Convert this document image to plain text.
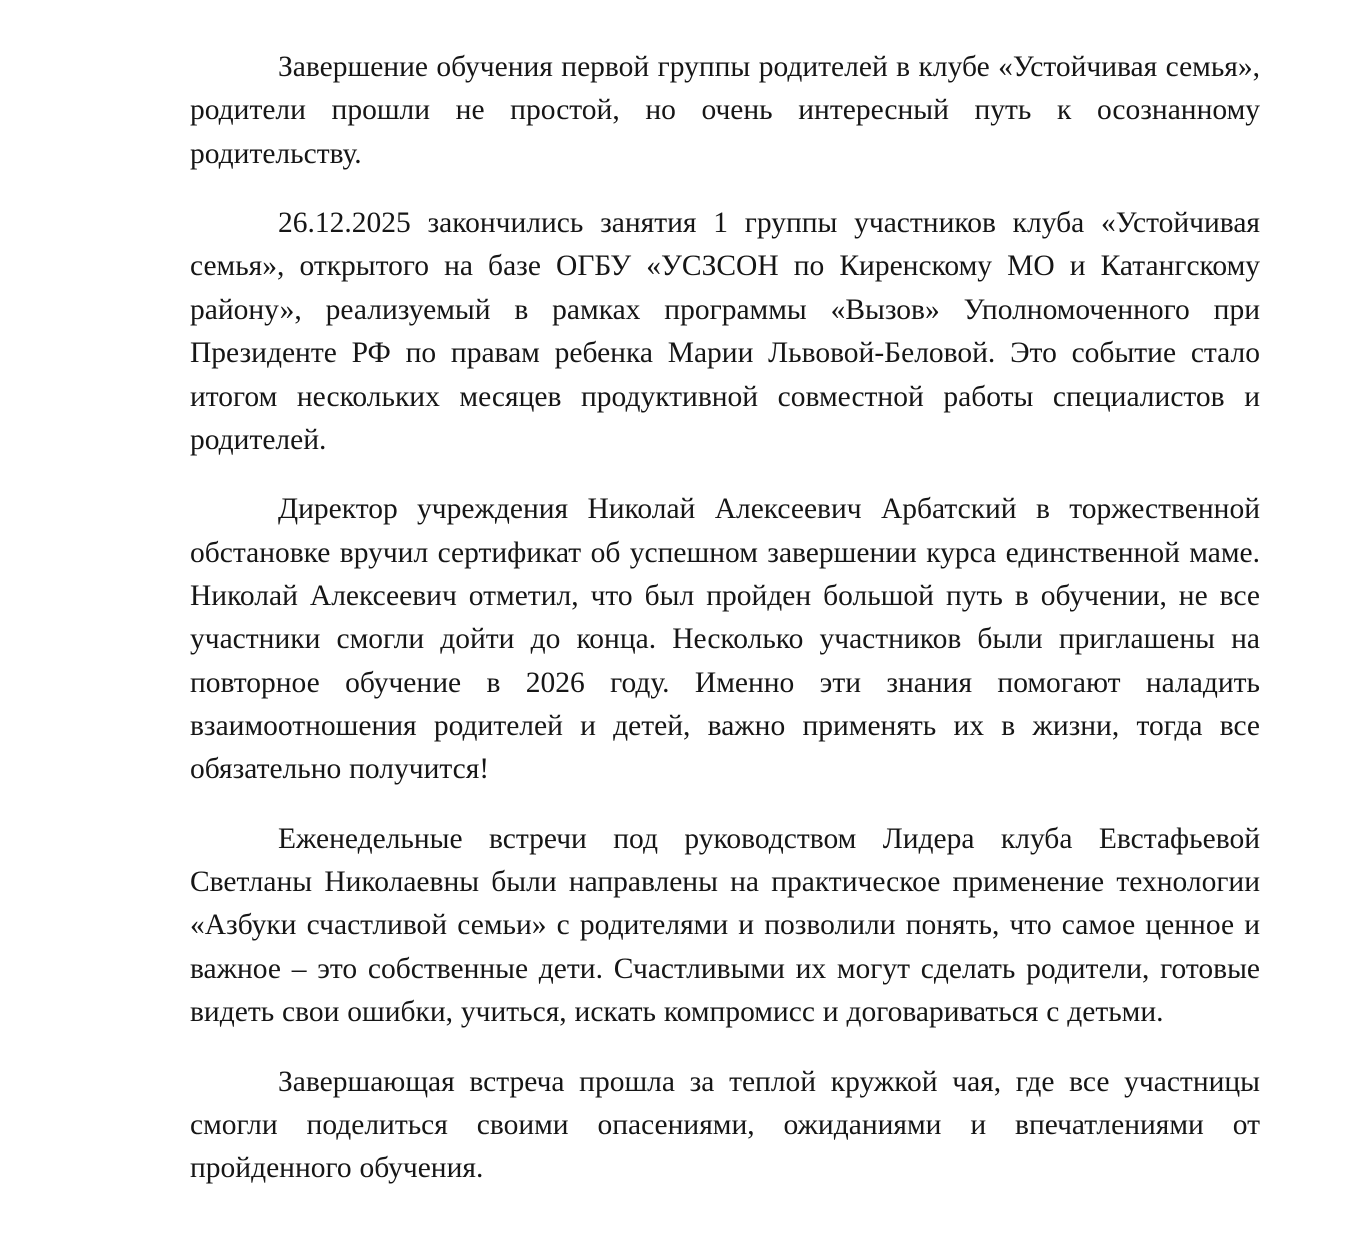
Завершение обучения первой группы родителей в клубе «Устойчивая семья», родители прошли не простой, но очень интересный путь к осознанному родительству.

26.12.2025 закончились занятия 1 группы участников клуба «Устойчивая семья», открытого на базе ОГБУ «УСЗСОН по Киренскому МО и Катангскому району», реализуемый в рамках программы «Вызов» Уполномоченного при Президенте РФ по правам ребенка Марии Львовой-Беловой. Это событие стало итогом нескольких месяцев продуктивной совместной работы специалистов и родителей.

Директор учреждения Николай Алексеевич Арбатский в торжественной обстановке вручил сертификат об успешном завершении курса единственной маме. Николай Алексеевич отметил, что был пройден большой путь в обучении, не все участники смогли дойти до конца. Несколько участников были приглашены на повторное обучение в 2026 году. Именно эти знания помогают наладить взаимоотношения родителей и детей, важно применять их в жизни, тогда все обязательно получится!

Еженедельные встречи под руководством Лидера клуба Евстафьевой Светланы Николаевны были направлены на практическое применение технологии «Азбуки счастливой семьи» с родителями и позволили понять, что самое ценное и важное – это собственные дети. Счастливыми их могут сделать родители, готовые видеть свои ошибки, учиться, искать компромисс и договариваться с детьми.

Завершающая встреча прошла за теплой кружкой чая, где все участницы смогли поделиться своими опасениями, ожиданиями и впечатлениями от пройденного обучения.
